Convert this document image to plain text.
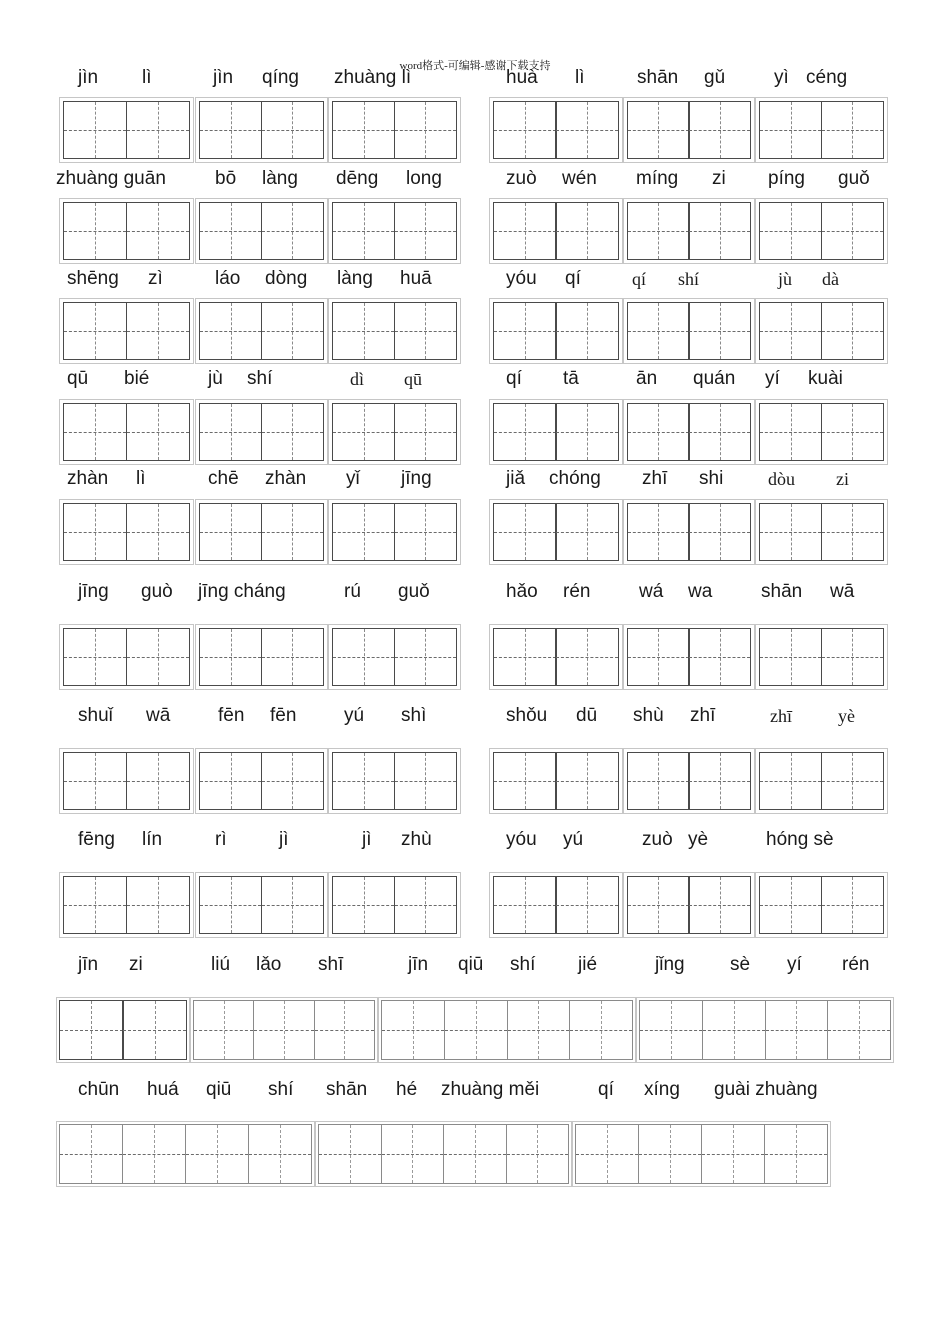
word格式-可编辑-感谢下载支持
jìn lì	jìn qíng zhuàng lì	huà lì	shān gǔ	yì céng
zhuàng guān	bō làng dēng long	zuò wén míng zi píng guǒ
shēng zì	láo dòng làng huā	yóu qí	qí shí	jù dà
qū bié	jù shí	dì qū	qí tā	ān quán yí kuài
zhàn lì	chē zhàn yǐ jīng	jiǎ chóng zhī shi dòu zi
jīng guò jīng cháng	rú guǒ	hǎo rén	wá wa	shān wā
shuǐ wā	fēn fēn	yú shì	shǒu dū shù zhī	zhī	yè
fēng lín	rì	jì	jì zhù	yóu yú	zuò yè	hóng sè
jīn zi	liú lǎo shī	jīn qiū shí jié	jǐng sè yí rén
chūn huá qiū shí shān hé zhuàng měi	qí xíng guài zhuàng
